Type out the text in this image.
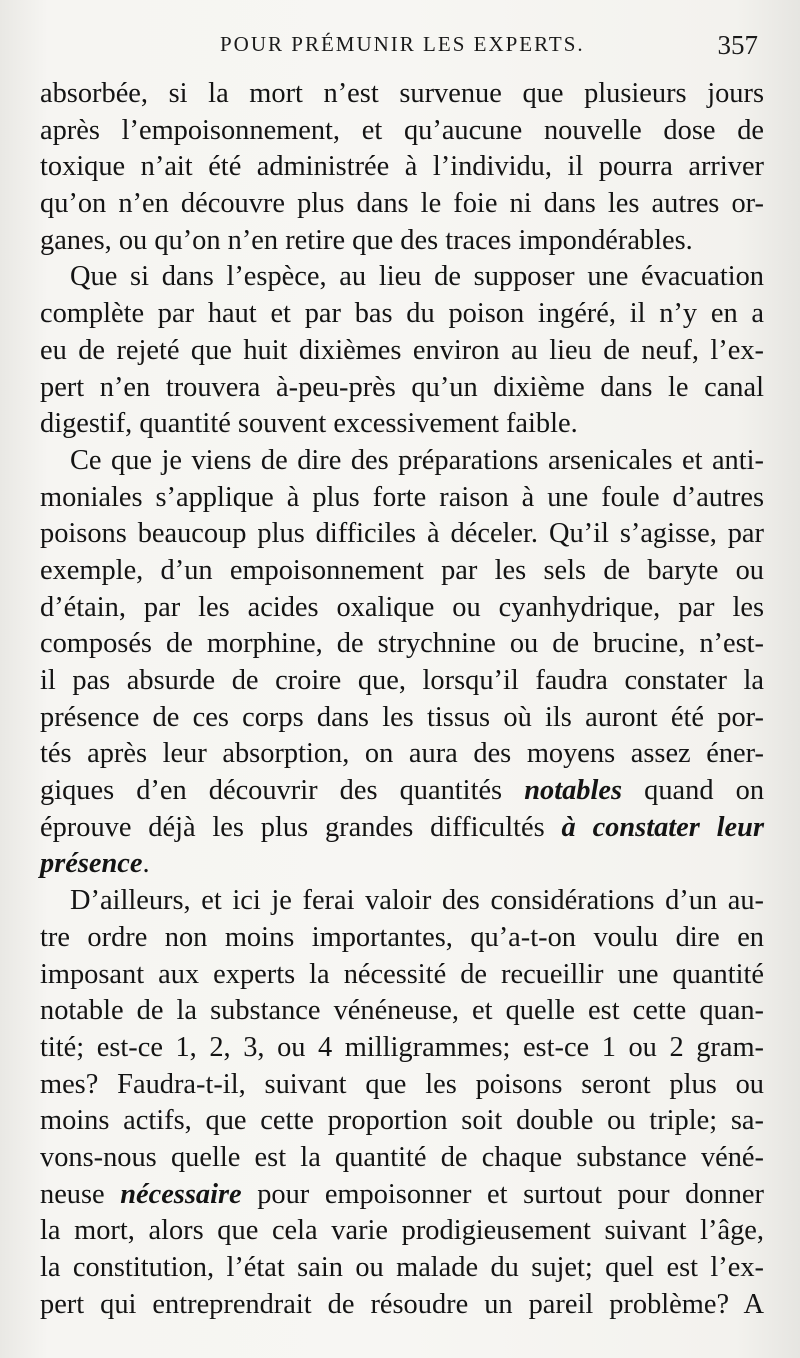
POUR PRÉMUNIR LES EXPERTS.	357
absorbée, si la mort n’est survenue que plusieurs jours
après l’empoisonnement, et qu’aucune nouvelle dose de
toxique n’ait été administrée à l’individu, il pourra arriver
qu’on n’en découvre plus dans le foie ni dans les autres or-
ganes, ou qu’on n’en retire que des traces impondérables.
Que si dans l’espèce, au lieu de supposer une évacuation
complète par haut et par bas du poison ingéré, il n’y en a
eu de rejeté que huit dixièmes environ au lieu de neuf, l’ex-
pert n’en trouvera à-peu-près qu’un dixième dans le canal
digestif, quantité souvent excessivement faible.
Ce que je viens de dire des préparations arsenicales et anti-
moniales s’applique à plus forte raison à une foule d’autres
poisons beaucoup plus difficiles à déceler. Qu’il s’agisse, par
exemple, d’un empoisonnement par les sels de baryte ou
d’étain, par les acides oxalique ou cyanhydrique, par les
composés de morphine, de strychnine ou de brucine, n’est-
il pas absurde de croire que, lorsqu’il faudra constater la
présence de ces corps dans les tissus où ils auront été por-
tés après leur absorption, on aura des moyens assez éner-
giques d’en découvrir des quantités notables quand on
éprouve déjà les plus grandes difficultés à constater leur
présence.
D’ailleurs, et ici je ferai valoir des considérations d’un au-
tre ordre non moins importantes, qu’a-t-on voulu dire en
imposant aux experts la nécessité de recueillir une quantité
notable de la substance vénéneuse, et quelle est cette quan-
tité; est-ce 1, 2, 3, ou 4 milligrammes; est-ce 1 ou 2 gram-
mes? Faudra-t-il, suivant que les poisons seront plus ou
moins actifs, que cette proportion soit double ou triple; sa-
vons-nous quelle est la quantité de chaque substance véné-
neuse nécessaire pour empoisonner et surtout pour donner
la mort, alors que cela varie prodigieusement suivant l’âge,
la constitution, l’état sain ou malade du sujet; quel est l’ex-
pert qui entreprendrait de résoudre un pareil problème? A
